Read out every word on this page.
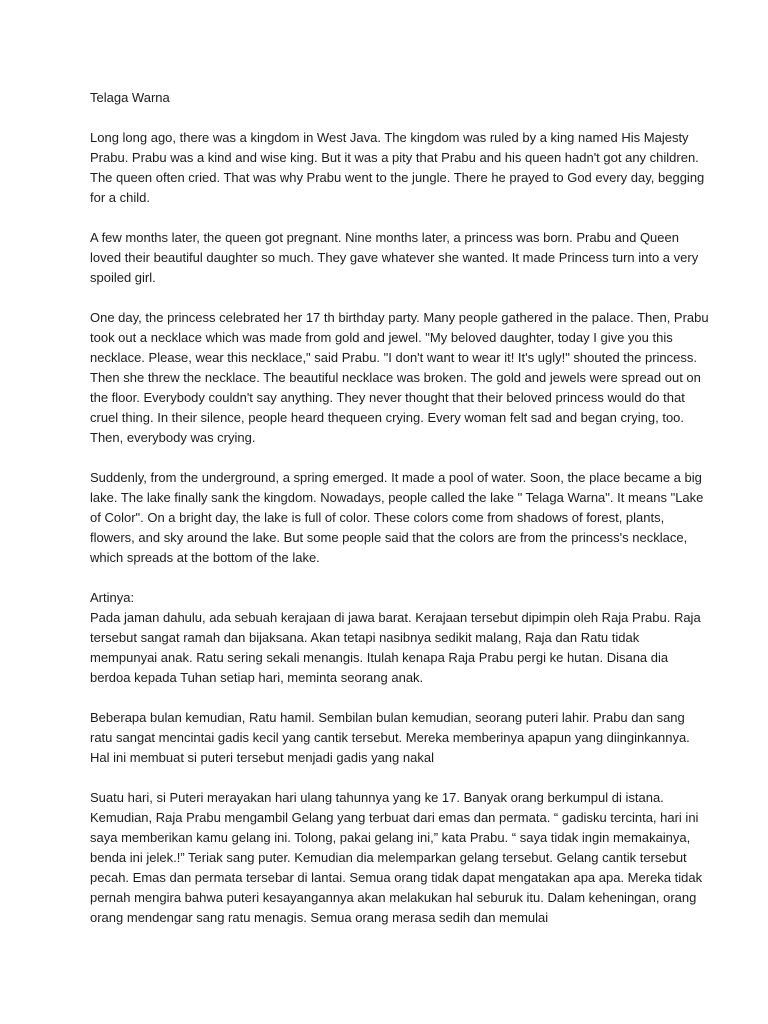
Telaga Warna

Long long ago, there was a kingdom in West Java. The kingdom was ruled by a king named His Majesty Prabu. Prabu was a kind and wise king. But it was a pity that Prabu and his queen hadn't got any children. The queen often cried. That was why Prabu went to the jungle. There he prayed to God every day, begging for a child.

A few months later, the queen got pregnant. Nine months later, a princess was born. Prabu and Queen loved their beautiful daughter so much. They gave whatever she wanted. It made Princess turn into a very spoiled girl.

One day, the princess celebrated her 17 th birthday party. Many people gathered in the palace. Then, Prabu took out a necklace which was made from gold and jewel. "My beloved daughter, today I give you this necklace. Please, wear this necklace," said Prabu. "I don't want to wear it! It's ugly!" shouted the princess. Then she threw the necklace. The beautiful necklace was broken. The gold and jewels were spread out on the floor. Everybody couldn't say anything. They never thought that their beloved princess would do that cruel thing. In their silence, people heard thequeen crying. Every woman felt sad and began crying, too. Then, everybody was crying.

Suddenly, from the underground, a spring emerged. It made a pool of water. Soon, the place became a big lake. The lake finally sank the kingdom. Nowadays, people called the lake " Telaga Warna". It means "Lake of Color". On a bright day, the lake is full of color. These colors come from shadows of forest, plants, flowers, and sky around the lake. But some people said that the colors are from the princess's necklace, which spreads at the bottom of the lake.

Artinya:

Pada jaman dahulu, ada sebuah kerajaan di jawa barat. Kerajaan tersebut dipimpin oleh Raja Prabu. Raja tersebut sangat ramah dan bijaksana. Akan tetapi nasibnya sedikit malang, Raja dan Ratu tidak mempunyai anak. Ratu sering sekali menangis. Itulah kenapa Raja Prabu pergi ke hutan. Disana dia berdoa kepada Tuhan setiap hari, meminta seorang anak.

Beberapa bulan kemudian, Ratu hamil. Sembilan bulan kemudian, seorang puteri lahir. Prabu dan sang ratu sangat mencintai gadis kecil yang cantik tersebut. Mereka memberinya apapun yang diinginkannya. Hal ini membuat si puteri tersebut menjadi gadis yang nakal

Suatu hari, si Puteri merayakan hari ulang tahunnya yang ke 17. Banyak orang berkumpul di istana. Kemudian, Raja Prabu mengambil Gelang yang terbuat dari emas dan permata. “ gadisku tercinta, hari ini saya memberikan kamu gelang ini. Tolong, pakai gelang ini,” kata Prabu. “ saya tidak ingin memakainya, benda ini jelek.!” Teriak sang puter. Kemudian dia melemparkan gelang tersebut. Gelang cantik tersebut pecah. Emas dan permata tersebar di lantai. Semua orang tidak dapat mengatakan apa apa. Mereka tidak pernah mengira bahwa puteri kesayangannya akan melakukan hal seburuk itu. Dalam keheningan, orang orang mendengar sang ratu menagis. Semua orang merasa sedih dan memulai
